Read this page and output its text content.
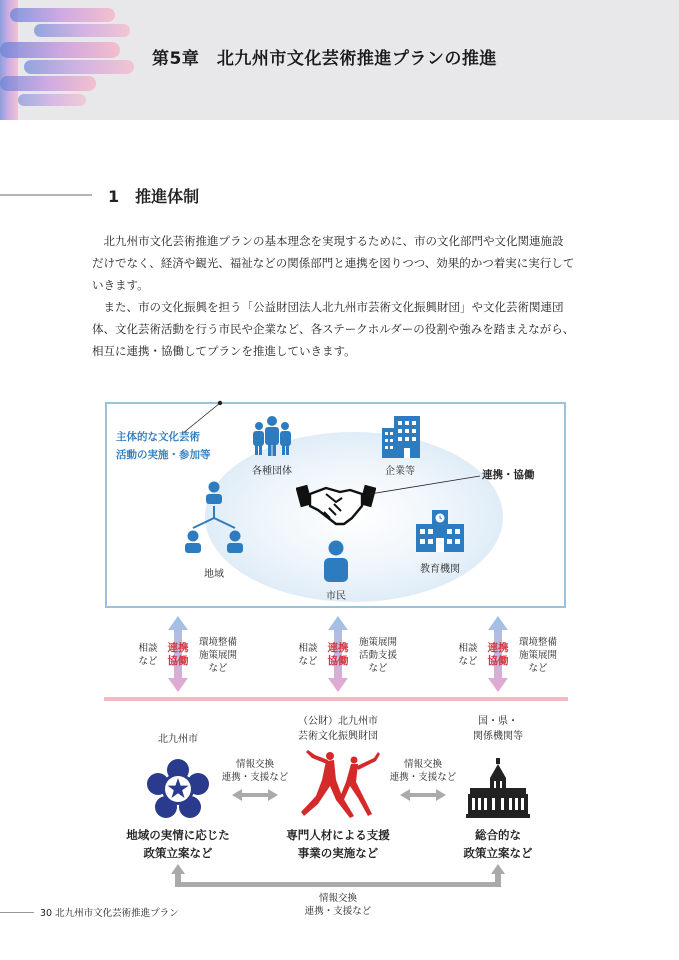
第5章　北九州市文化芸術推進プランの推進
1　推進体制
北九州市文化芸術推進プランの基本理念を実現するために、市の文化部門や文化関連施設
だけでなく、経済や観光、福祉などの関係部門と連携を図りつつ、効果的かつ着実に実行して
いきます。
また、市の文化振興を担う「公益財団法人北九州市芸術文化振興財団」や文化芸術関連団
体、文化芸術活動を行う市民や企業など、各ステークホルダーの役割や強みを踏まえながら、
相互に連携・協働してプランを推進していきます。
主体的な文化芸術
活動の実施・参加等
各種団体	企業等	連携・協働
地域
市民
教育機関
相談
など
連携
協働
環境整備
施策展開
など
相談
など
連携
協働
施策展開
活動支援
など
相談
など
連携
協働
環境整備
施策展開
など
北九州市
（公財）北九州市
芸術文化振興財団
国・県・
関係機関等
情報交換
連携・支援など
情報交換
連携・支援など
地域の実情に応じた
政策立案など
専門人材による支援
事業の実施など
総合的な
政策立案など
情報交換
連携・支援など
30 北九州市文化芸術推進プラン
